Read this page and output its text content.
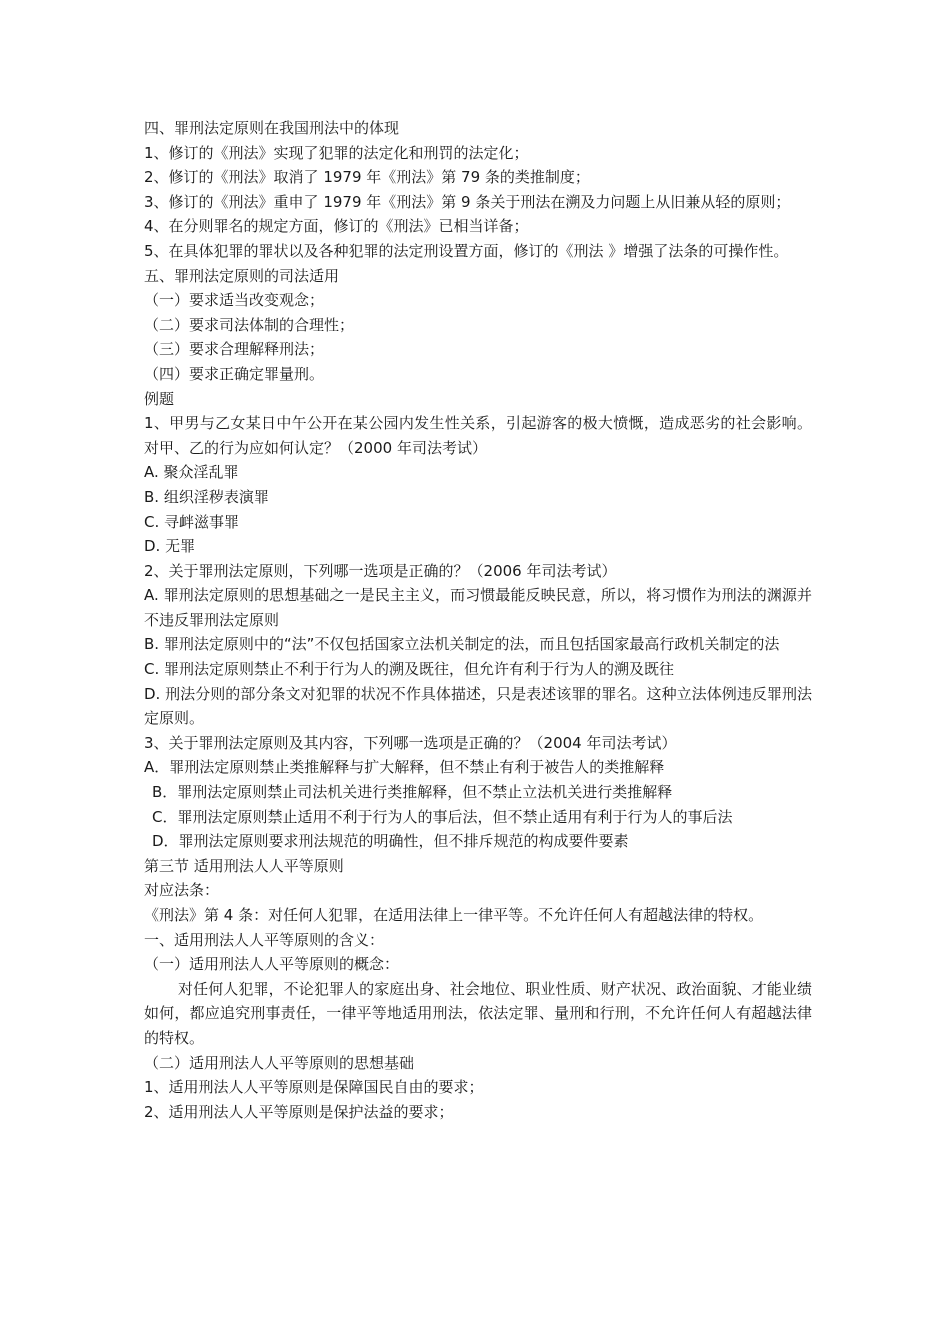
四、罪刑法定原则在我国刑法中的体现
1、修订的《刑法》实现了犯罪的法定化和刑罚的法定化；
2、修订的《刑法》取消了 1979 年《刑法》第 79 条的类推制度；
3、修订的《刑法》重申了 1979 年《刑法》第 9 条关于刑法在溯及力问题上从旧兼从轻的原则；
4、在分则罪名的规定方面，修订的《刑法》已相当详备；
5、在具体犯罪的罪状以及各种犯罪的法定刑设置方面，修订的《刑法 》增强了法条的可操作性。
五、罪刑法定原则的司法适用
（一）要求适当改变观念；
（二）要求司法体制的合理性；
（三）要求合理解释刑法；
（四）要求正确定罪量刑。
例题
1、甲男与乙女某日中午公开在某公园内发生性关系，引起游客的极大愤慨，造成恶劣的社会影响。对甲、乙的行为应如何认定？（2000 年司法考试）
A. 聚众淫乱罪
B. 组织淫秽表演罪
C. 寻衅滋事罪
D. 无罪
2、关于罪刑法定原则，下列哪一选项是正确的？（2006 年司法考试）
A. 罪刑法定原则的思想基础之一是民主主义，而习惯最能反映民意，所以，将习惯作为刑法的渊源并不违反罪刑法定原则
B. 罪刑法定原则中的“法”不仅包括国家立法机关制定的法，而且包括国家最高行政机关制定的法
C. 罪刑法定原则禁止不利于行为人的溯及既往，但允许有利于行为人的溯及既往
D. 刑法分则的部分条文对犯罪的状况不作具体描述，只是表述该罪的罪名。这种立法体例违反罪刑法定原则。
3、关于罪刑法定原则及其内容，下列哪一选项是正确的？（2004 年司法考试）
A．罪刑法定原则禁止类推解释与扩大解释，但不禁止有利于被告人的类推解释
B．罪刑法定原则禁止司法机关进行类推解释，但不禁止立法机关进行类推解释
C．罪刑法定原则禁止适用不利于行为人的事后法，但不禁止适用有利于行为人的事后法
D．罪刑法定原则要求刑法规范的明确性，但不排斥规范的构成要件要素
第三节 适用刑法人人平等原则
对应法条：
《刑法》第 4 条：对任何人犯罪，在适用法律上一律平等。不允许任何人有超越法律的特权。
一、适用刑法人人平等原则的含义：
（一）适用刑法人人平等原则的概念：
对任何人犯罪，不论犯罪人的家庭出身、社会地位、职业性质、财产状况、政治面貌、才能业绩如何，都应追究刑事责任，一律平等地适用刑法，依法定罪、量刑和行刑，不允许任何人有超越法律的特权。
（二）适用刑法人人平等原则的思想基础
1、适用刑法人人平等原则是保障国民自由的要求；
2、适用刑法人人平等原则是保护法益的要求；
